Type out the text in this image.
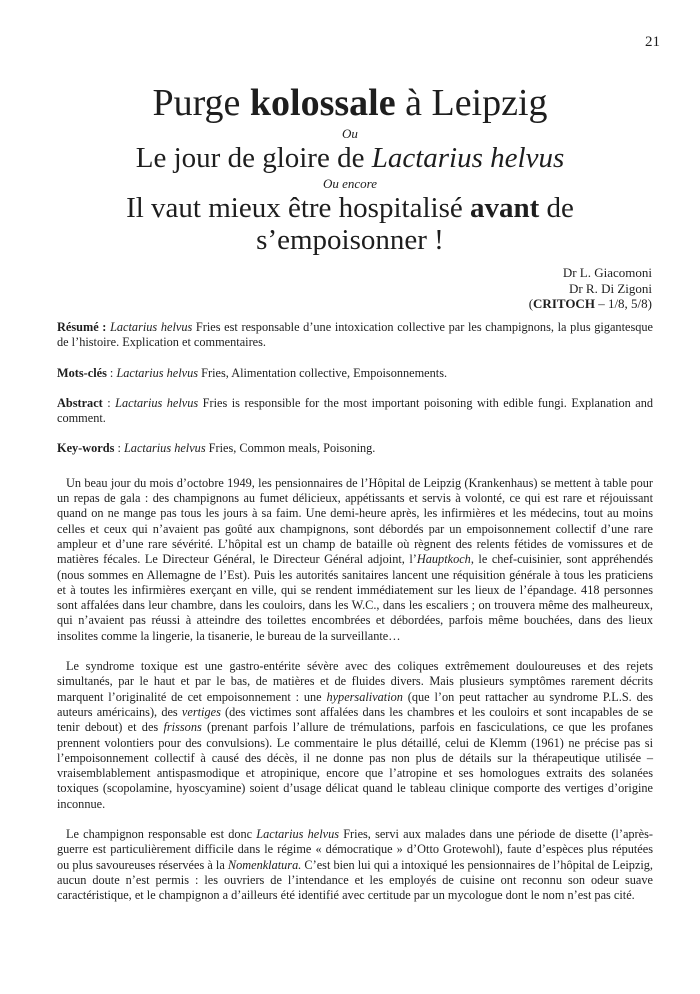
21

Purge kolossale à Leipzig

Ou

Le jour de gloire de Lactarius helvus

Ou encore

Il vaut mieux être hospitalisé avant de

s’empoisonner !

Dr L. Giacomoni
Dr R. Di Zigoni
(CRITOCH – 1/8, 5/8)

Résumé : Lactarius helvus Fries est responsable d’une intoxication collective par les champignons, la plus gigantesque de l’histoire. Explication et commentaires.

Mots-clés : Lactarius helvus Fries, Alimentation collective, Empoisonnements.

Abstract : Lactarius helvus Fries is responsible for the most important poisoning with edible fungi. Explanation and comment.

Key-words : Lactarius helvus Fries, Common meals, Poisoning.

Un beau jour du mois d’octobre 1949, les pensionnaires de l’Hôpital de Leipzig (Krankenhaus) se mettent à table pour un repas de gala : des champignons au fumet délicieux, appétissants et servis à volonté, ce qui est rare et réjouissant quand on ne mange pas tous les jours à sa faim. Une demi-heure après, les infirmières et les médecins, tout au moins celles et ceux qui n’avaient pas goûté aux champignons, sont débordés par un empoisonnement collectif d’une rare ampleur et d’une rare sévérité. L’hôpital est un champ de bataille où règnent des relents fétides de vomissures et de matières fécales. Le Directeur Général, le Directeur Général adjoint, l’Hauptkoch, le chef-cuisinier, sont appréhendés (nous sommes en Allemagne de l’Est). Puis les autorités sanitaires lancent une réquisition générale à tous les praticiens et à toutes les infirmières exerçant en ville, qui se rendent immédiatement sur les lieux de l’épandage. 418 personnes sont affalées dans leur chambre, dans les couloirs, dans les W.C., dans les escaliers ; on trouvera même des malheureux, qui n’avaient pas réussi à atteindre des toilettes encombrées et débordées, parfois même bouchées, dans des lieux insolites comme la lingerie, la tisanerie, le bureau de la surveillante…

Le syndrome toxique est une gastro-entérite sévère avec des coliques extrêmement douloureuses et des rejets simultanés, par le haut et par le bas, de matières et de fluides divers. Mais plusieurs symptômes rarement décrits marquent l’originalité de cet empoisonnement : une hypersalivation (que l’on peut rattacher au syndrome P.L.S. des auteurs américains), des vertiges (des victimes sont affalées dans les chambres et les couloirs et sont incapables de se tenir debout) et des frissons (prenant parfois l’allure de trémulations, parfois en fasciculations, ce que les profanes prennent volontiers pour des convulsions). Le commentaire le plus détaillé, celui de Klemm (1961) ne précise pas si l’empoisonnement collectif à causé des décès, il ne donne pas non plus de détails sur la thérapeutique utilisée – vraisemblablement antispasmodique et atropinique, encore que l’atropine et ses homologues extraits des solanées toxiques (scopolamine, hyoscyamine) soient d’usage délicat quand le tableau clinique comporte des vertiges d’origine inconnue.

Le champignon responsable est donc Lactarius helvus Fries, servi aux malades dans une période de disette (l’après-guerre est particulièrement difficile dans le régime « démocratique » d’Otto Grotewohl), faute d’espèces plus réputées ou plus savoureuses réservées à la Nomenklatura. C’est bien lui qui a intoxiqué les pensionnaires de l’hôpital de Leipzig, aucun doute n’est permis : les ouvriers de l’intendance et les employés de cuisine ont reconnu son odeur suave caractéristique, et le champignon a d’ailleurs été identifié avec certitude par un mycologue dont le nom n’est pas cité.
